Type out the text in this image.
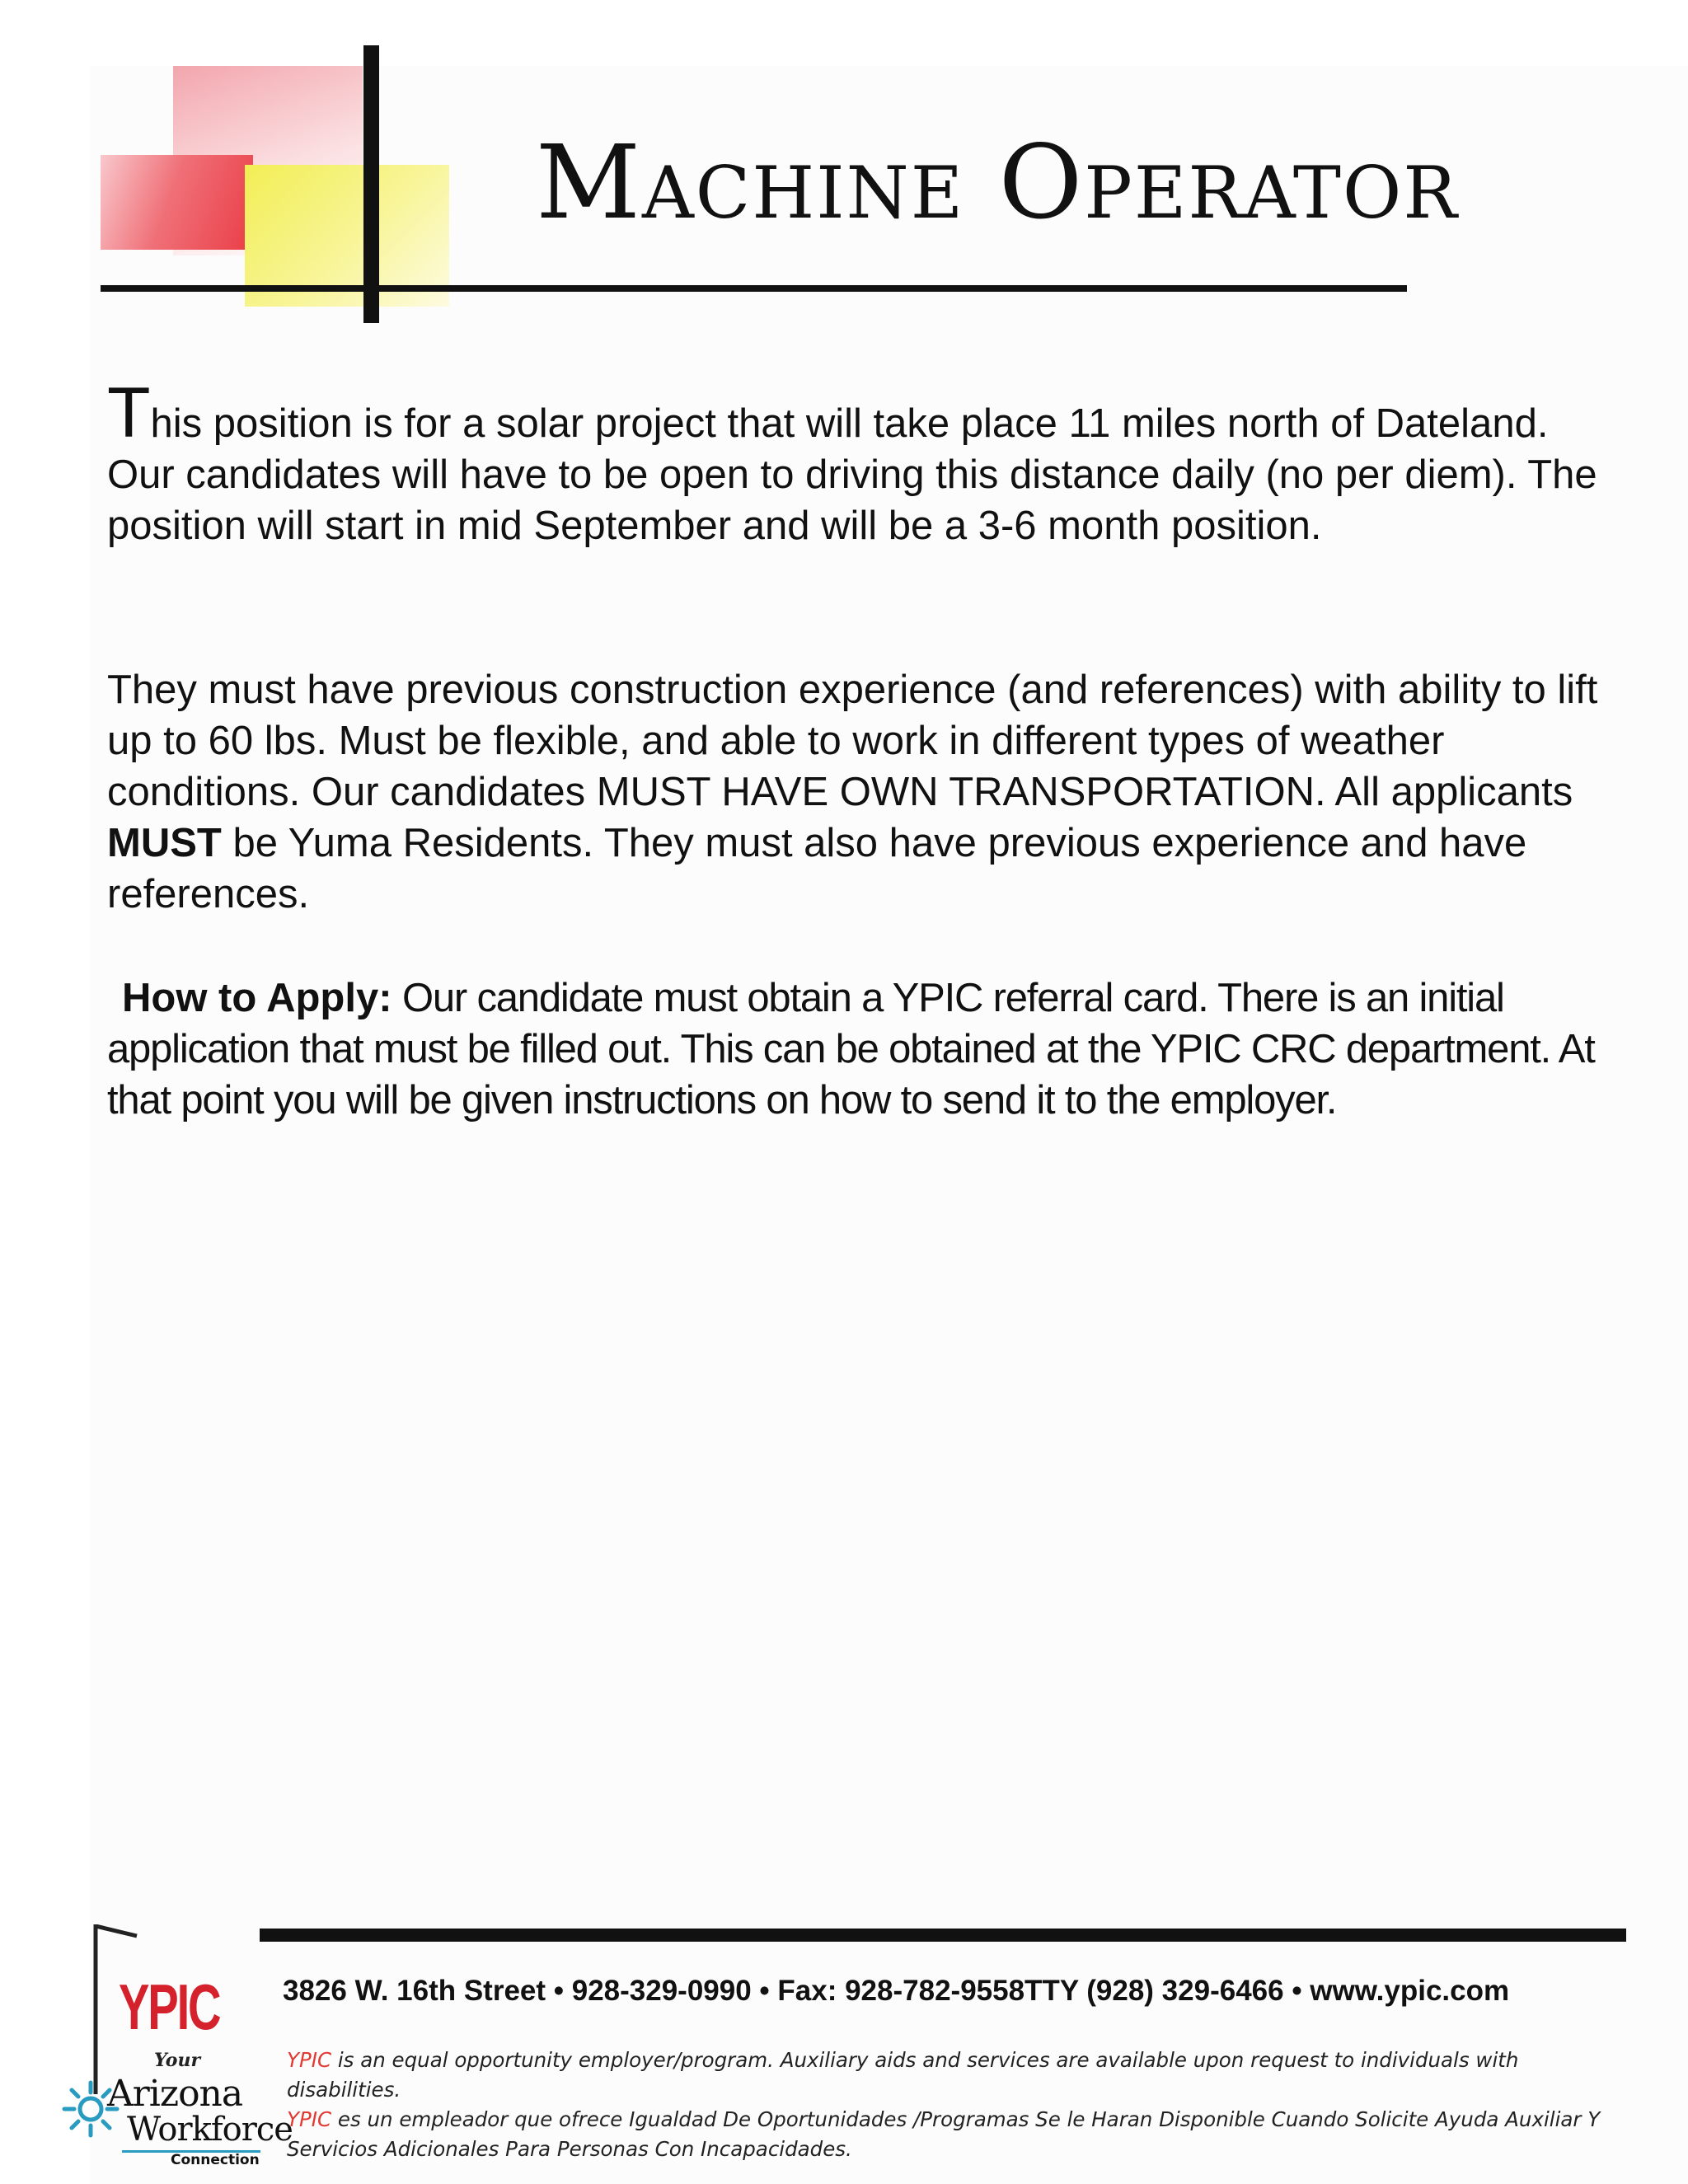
Machine Operator

This position is for a solar project that will take place 11 miles north of Dateland. Our candidates will have to be open to driving this distance daily (no per diem). The position will start in mid September and will be a 3-6 month position.

They must have previous construction experience (and references) with ability to lift up to 60 lbs. Must be flexible, and able to work in different types of weather conditions. Our candidates MUST HAVE OWN TRANSPORTATION. All applicants MUST be Yuma Residents. They must also have previous experience and have references.

How to Apply: Our candidate must obtain a YPIC referral card. There is an initial application that must be filled out. This can be obtained at the YPIC CRC department. At that point you will be given instructions on how to send it to the employer.

3826 W. 16th Street • 928-329-0990 • Fax: 928-782-9558TTY (928) 329-6466 • www.ypic.com
YPIC is an equal opportunity employer/program. Auxiliary aids and services are available upon request to individuals with disabilities.
YPIC es un empleador que ofrece Igualdad De Oportunidades /Programas Se le Haran Disponible Cuando Solicite Ayuda Auxiliar Y Servicios Adicionales Para Personas Con Incapacidades.
YPIC
Your
Arizona
Workforce
Connection
